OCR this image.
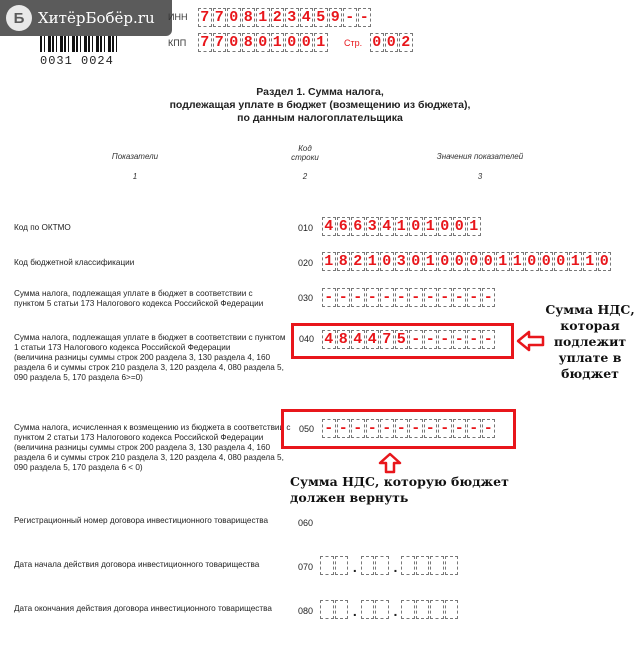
0031 0024
Б ХитёрБобёр.ru ИНН 7 7 0 8 1 2 3 4 5 9 - -
КПП 7 7 0 8 0 1 0 0 1 Стр. 0 0 2
Раздел 1. Сумма налога,
подлежащая уплате в бюджет (возмещению из бюджета),
по данным налогоплательщика
Показатели
1
Код строки
2
Значения показателей
3
Код по ОКТМО	010 4 6 6 3 4 1 0 1 0 0 1
Код бюджетной классификации	020 1 8 2 1 0 3 0 1 0 0 0 0 1 1 0 0 0 1 1 0
Сумма налога, подлежащая уплате в бюджет в соответствии с пунктом 5 статьи 173 Налогового кодекса Российской Федерации
030 - - - - - - - - - - - -
Сумма налога, подлежащая уплате в бюджет в соответствии с пунктом 1 статьи 173 Налогового кодекса Российской Федерации
(величина разницы суммы строк 200 раздела 3, 130 раздела 4, 160 раздела 6 и суммы строк 210 раздела 3, 120 раздела 4, 080 раздела 5, 090 раздела 5, 170 раздела 6>=0)
040 4 8 4 4 7 5 - - - - - -
Сумма НДС,
которая
подлежит
уплате в
бюджет
Сумма налога, исчисленная к возмещению из бюджета в соответствии с пунктом 2 статьи 173 Налогового кодекса Российской Федерации
(величина разницы суммы строк 200 раздела 3, 130 раздела 4, 160 раздела 6 и суммы строк 210 раздела 3, 120 раздела 4, 080 раздела 5, 090 раздела 5, 170 раздела 6 < 0)
050 - - - - - - - - - - - -
Сумма НДС, которую бюджет
должен вернуть
Регистрационный номер договора инвестиционного товарищества	060
Дата начала действия договора инвестиционного товарищества	070	. .
Дата окончания действия договора инвестиционного товарищества	080	. .
